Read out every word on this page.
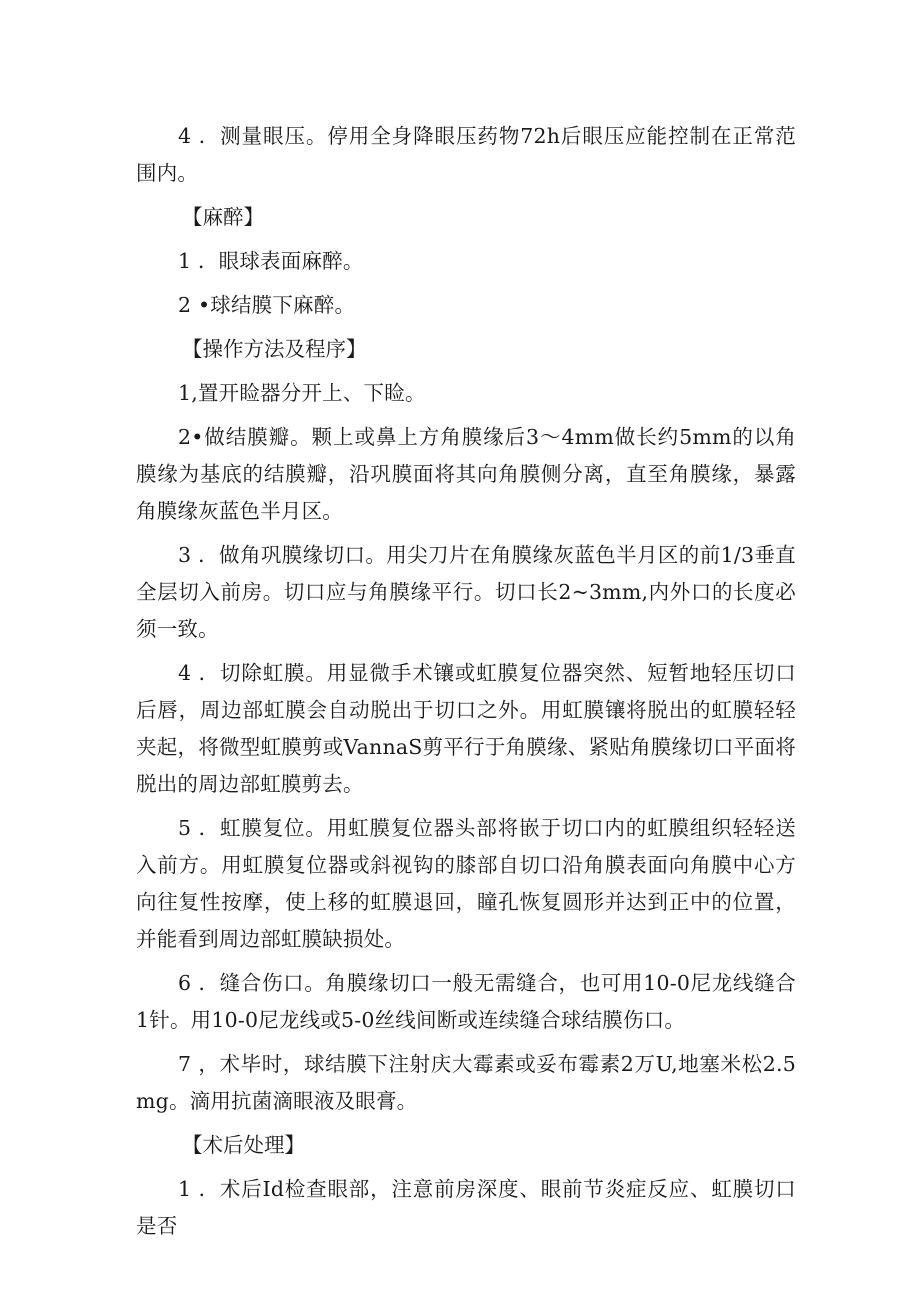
4 ．测量眼压。停用全身降眼压药物72h后眼压应能控制在正常范围内。

【麻醉】

1 ．眼球表面麻醉。

2 •球结膜下麻醉。

【操作方法及程序】

1,置开睑器分开上、下睑。

2•做结膜瓣。颗上或鼻上方角膜缘后3～4mm做长约5mm的以角膜缘为基底的结膜瓣，沿巩膜面将其向角膜侧分离，直至角膜缘，暴露角膜缘灰蓝色半月区。

3 ．做角巩膜缘切口。用尖刀片在角膜缘灰蓝色半月区的前1/3垂直全层切入前房。切口应与角膜缘平行。切口长2~3mm,内外口的长度必须一致。

4 ．切除虹膜。用显微手术镶或虹膜复位器突然、短暂地轻压切口后唇，周边部虹膜会自动脱出于切口之外。用虹膜镶将脱出的虹膜轻轻夹起，将微型虹膜剪或VannaS剪平行于角膜缘、紧贴角膜缘切口平面将脱出的周边部虹膜剪去。

5 ．虹膜复位。用虹膜复位器头部将嵌于切口内的虹膜组织轻轻送入前方。用虹膜复位器或斜视钩的膝部自切口沿角膜表面向角膜中心方向往复性按摩，使上移的虹膜退回，瞳孔恢复圆形并达到正中的位置，并能看到周边部虹膜缺损处。

6 ．缝合伤口。角膜缘切口一般无需缝合，也可用10-0尼龙线缝合1针。用10-0尼龙线或5-0丝线间断或连续缝合球结膜伤口。

7 ，术毕时，球结膜下注射庆大霉素或妥布霉素2万U,地塞米松2.5mg。滴用抗菌滴眼液及眼膏。

【术后处理】

1 ．术后Id检查眼部，注意前房深度、眼前节炎症反应、虹膜切口是否
